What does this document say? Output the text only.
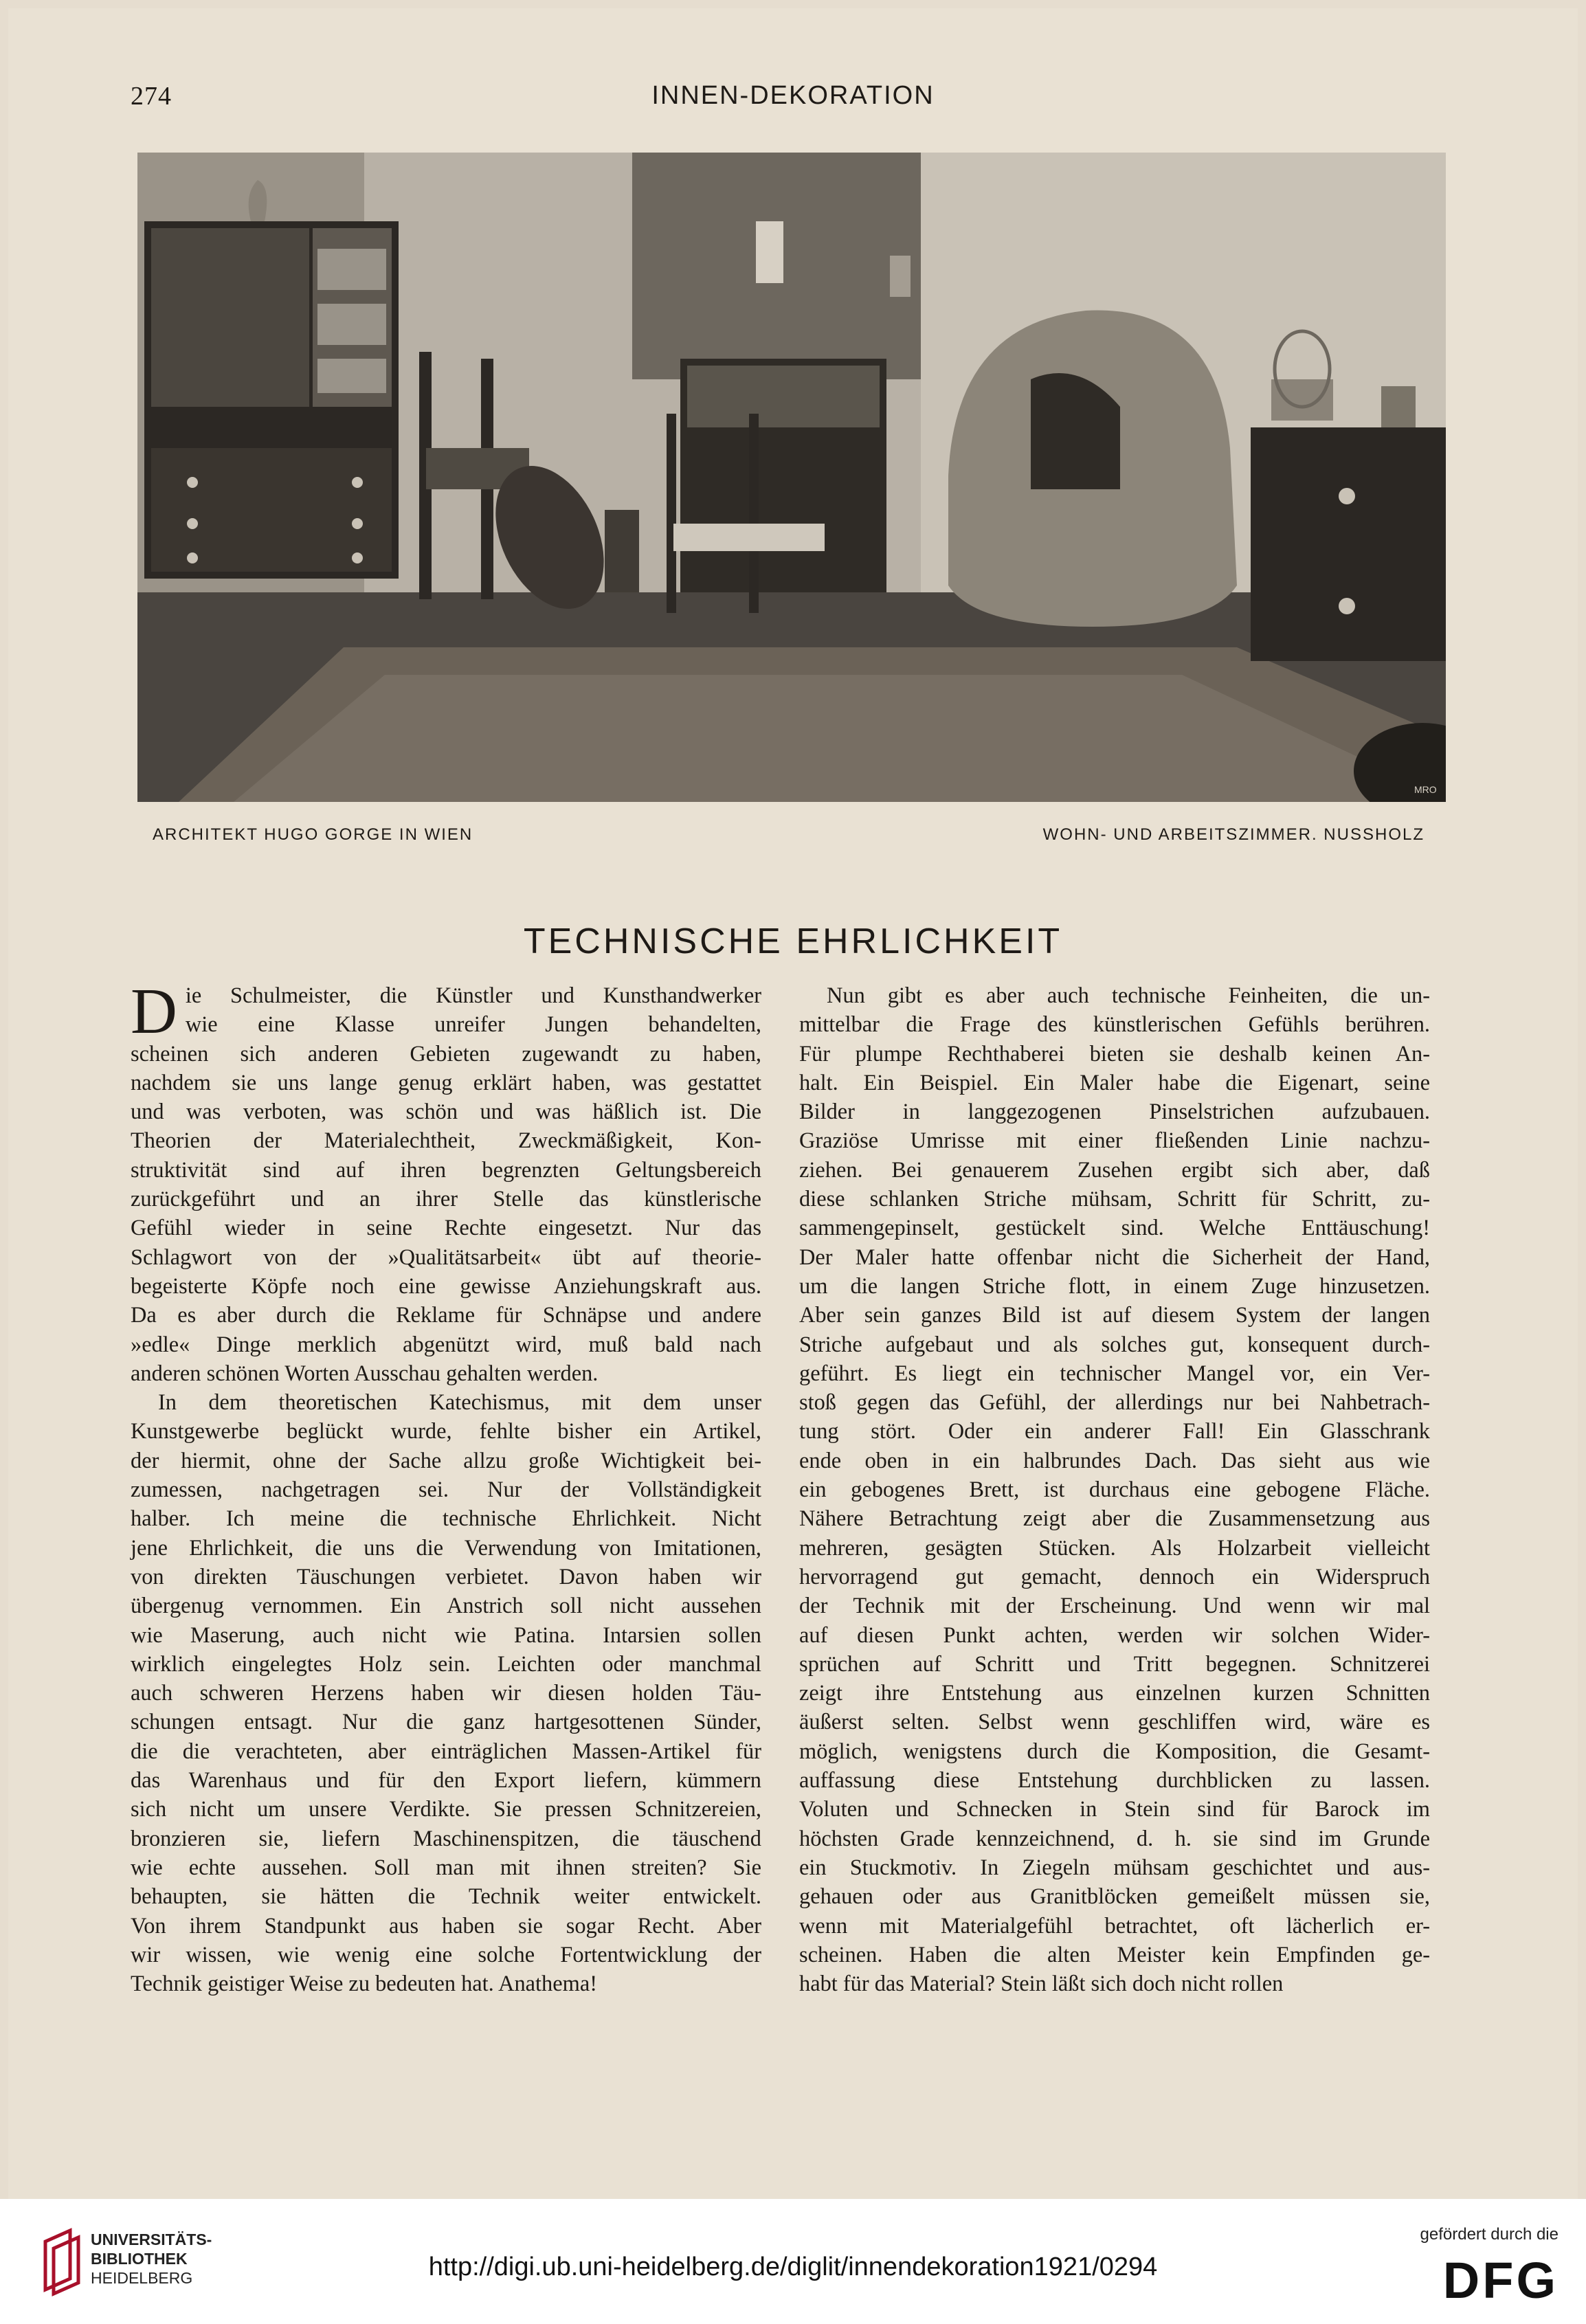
274	INNEN-DEKORATION
MRO
ARCHITEKT HUGO GORGE IN WIEN	WOHN- UND ARBEITSZIMMER. NUSSHOLZ
TECHNISCHE EHRLICHKEIT
D ie Schulmeister, die Künstler und Kunsthandwerker

wie eine Klasse unreifer Jungen behandelten,

scheinen sich anderen Gebieten zugewandt zu haben,

nachdem sie uns lange genug erklärt haben, was gestattet

und was verboten, was schön und was häßlich ist. Die

Theorien der Materialechtheit, Zweckmäßigkeit, Kon-

struktivität sind auf ihren begrenzten Geltungsbereich

zurückgeführt und an ihrer Stelle das künstlerische

Gefühl wieder in seine Rechte eingesetzt. Nur das

Schlagwort von der »Qualitätsarbeit« übt auf theorie-

begeisterte Köpfe noch eine gewisse Anziehungskraft aus.

Da es aber durch die Reklame für Schnäpse und andere

»edle« Dinge merklich abgenützt wird, muß bald nach

anderen schönen Worten Ausschau gehalten werden.

In dem theoretischen Katechismus, mit dem unser

Kunstgewerbe beglückt wurde, fehlte bisher ein Artikel,

der hiermit, ohne der Sache allzu große Wichtigkeit bei-

zumessen, nachgetragen sei. Nur der Vollständigkeit

halber. Ich meine die technische Ehrlichkeit. Nicht

jene Ehrlichkeit, die uns die Verwendung von Imitationen,

von direkten Täuschungen verbietet. Davon haben wir

übergenug vernommen. Ein Anstrich soll nicht aussehen

wie Maserung, auch nicht wie Patina. Intarsien sollen

wirklich eingelegtes Holz sein. Leichten oder manchmal

auch schweren Herzens haben wir diesen holden Täu-

schungen entsagt. Nur die ganz hartgesottenen Sünder,

die die verachteten, aber einträglichen Massen-Artikel für

das Warenhaus und für den Export liefern, kümmern

sich nicht um unsere Verdikte. Sie pressen Schnitzereien,

bronzieren sie, liefern Maschinenspitzen, die täuschend

wie echte aussehen. Soll man mit ihnen streiten? Sie

behaupten, sie hätten die Technik weiter entwickelt.

Von ihrem Standpunkt aus haben sie sogar Recht. Aber

wir wissen, wie wenig eine solche Fortentwicklung der

Technik geistiger Weise zu bedeuten hat. Anathema!

Nun gibt es aber auch technische Feinheiten, die un-

mittelbar die Frage des künstlerischen Gefühls berühren.

Für plumpe Rechthaberei bieten sie deshalb keinen An-

halt. Ein Beispiel. Ein Maler habe die Eigenart, seine

Bilder in langgezogenen Pinselstrichen aufzubauen.

Graziöse Umrisse mit einer fließenden Linie nachzu-

ziehen. Bei genauerem Zusehen ergibt sich aber, daß

diese schlanken Striche mühsam, Schritt für Schritt, zu-

sammengepinselt, gestückelt sind. Welche Enttäuschung!

Der Maler hatte offenbar nicht die Sicherheit der Hand,

um die langen Striche flott, in einem Zuge hinzusetzen.

Aber sein ganzes Bild ist auf diesem System der langen

Striche aufgebaut und als solches gut, konsequent durch-

geführt. Es liegt ein technischer Mangel vor, ein Ver-

stoß gegen das Gefühl, der allerdings nur bei Nahbetrach-

tung stört. Oder ein anderer Fall! Ein Glasschrank

ende oben in ein halbrundes Dach. Das sieht aus wie

ein gebogenes Brett, ist durchaus eine gebogene Fläche.

Nähere Betrachtung zeigt aber die Zusammensetzung aus

mehreren, gesägten Stücken. Als Holzarbeit vielleicht

hervorragend gut gemacht, dennoch ein Widerspruch

der Technik mit der Erscheinung. Und wenn wir mal

auf diesen Punkt achten, werden wir solchen Wider-

sprüchen auf Schritt und Tritt begegnen. Schnitzerei

zeigt ihre Entstehung aus einzelnen kurzen Schnitten

äußerst selten. Selbst wenn geschliffen wird, wäre es

möglich, wenigstens durch die Komposition, die Gesamt-

auffassung diese Entstehung durchblicken zu lassen.

Voluten und Schnecken in Stein sind für Barock im

höchsten Grade kennzeichnend, d. h. sie sind im Grunde

ein Stuckmotiv. In Ziegeln mühsam geschichtet und aus-

gehauen oder aus Granitblöcken gemeißelt müssen sie,

wenn mit Materialgefühl betrachtet, oft lächerlich er-

scheinen. Haben die alten Meister kein Empfinden ge-

habt für das Material? Stein läßt sich doch nicht rollen

UNIVERSITÄTS-
BIBLIOTHEK
HEIDELBERG	http://digi.ub.uni-heidelberg.de/diglit/innendekoration1921/0294
gefördert durch die
DFG
